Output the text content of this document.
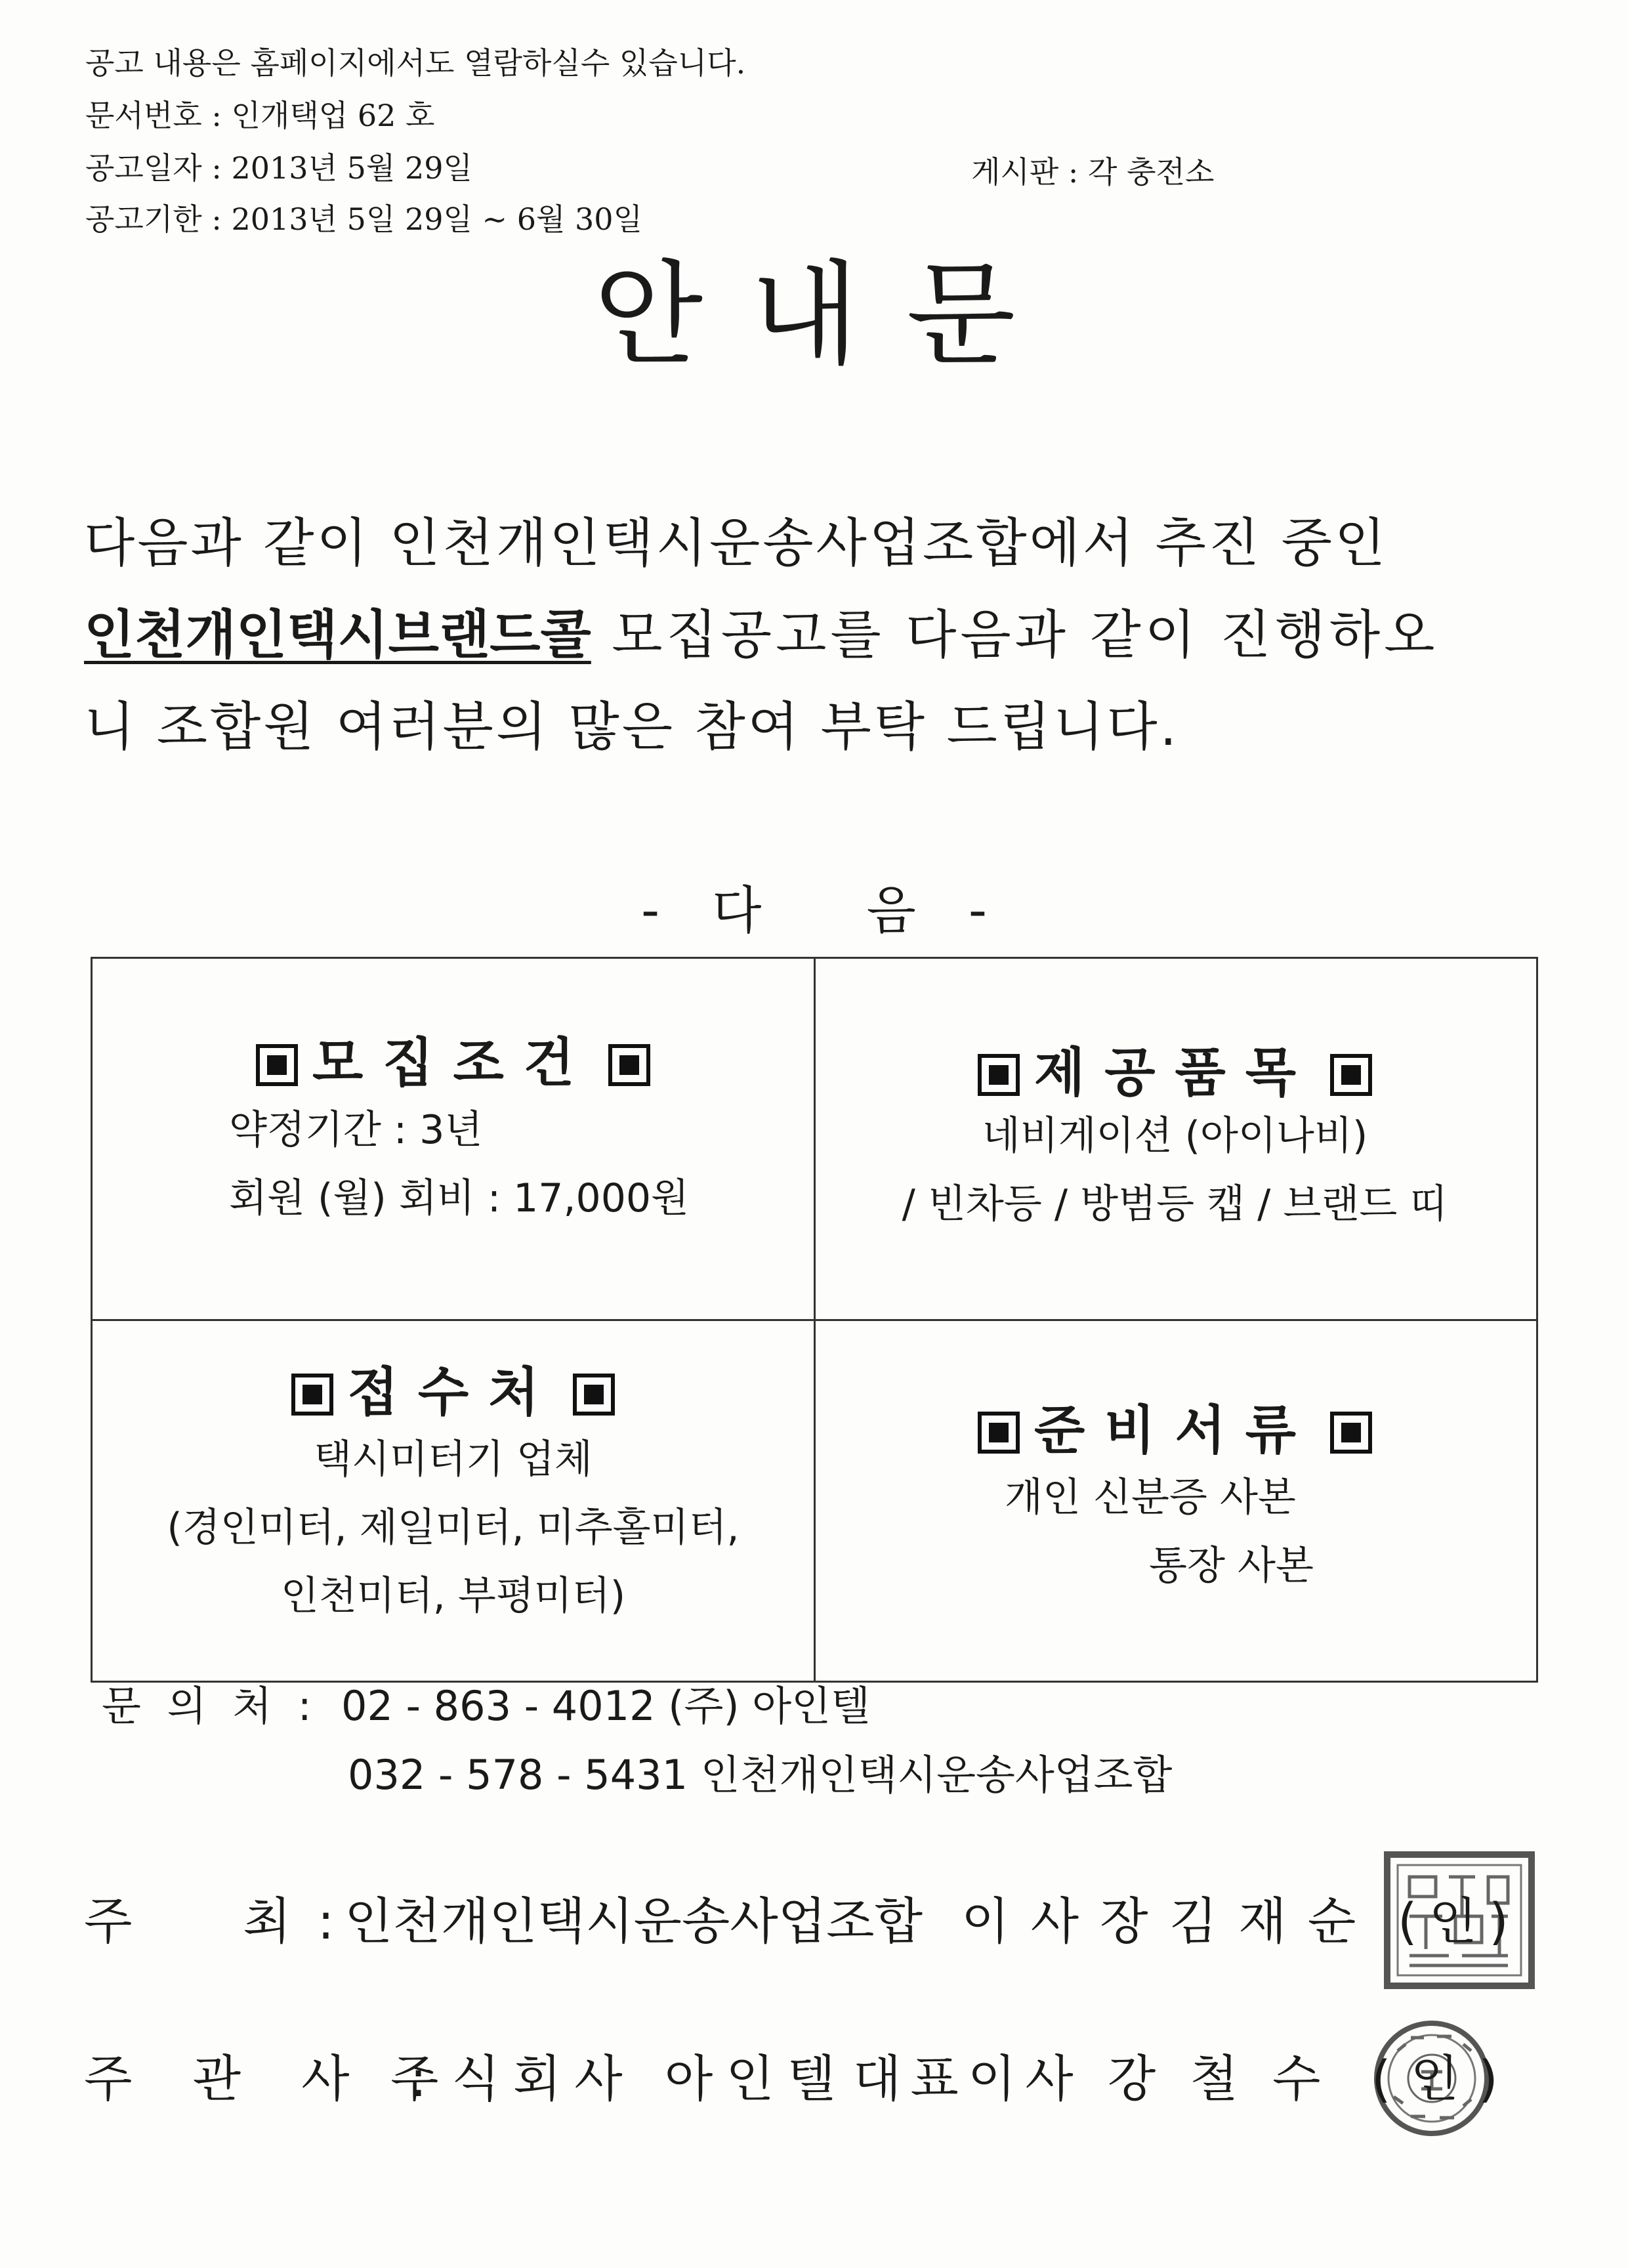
공고 내용은 홈페이지에서도 열람하실수 있습니다.
문서번호 : 인개택업 62 호
공고일자 : 2013년 5월 29일
공고기한 : 2013년 5일 29일 ~ 6월 30일
게시판 : 각 충전소
안내문
다음과 같이 인천개인택시운송사업조합에서 추진 중인
인천개인택시브랜드콜 모집공고를 다음과 같이 진행하오
니 조합원 여러분의 많은 참여 부탁 드립니다.
- 다 음 -
모집조건
약정기간 : 3년
회원 (월) 회비 : 17,000원
제공품목
네비게이션 (아이나비)
/ 빈차등 / 방범등 캡 / 브랜드 띠
접수처
택시미터기 업체
(경인미터, 제일미터, 미추홀미터,
인천미터, 부평미터)
준비서류
개인 신분증 사본
통장 사본
문 의 처 : 02 - 863 - 4012 (주) 아인텔
032 - 578 - 5431 인천개인택시운송사업조합
주     최 : 인천개인택시운송사업조합 이 사 장 김 재 순 (인)
주 관 사 :
주식회사 아인텔 대표이사 강 철 수 (인)
